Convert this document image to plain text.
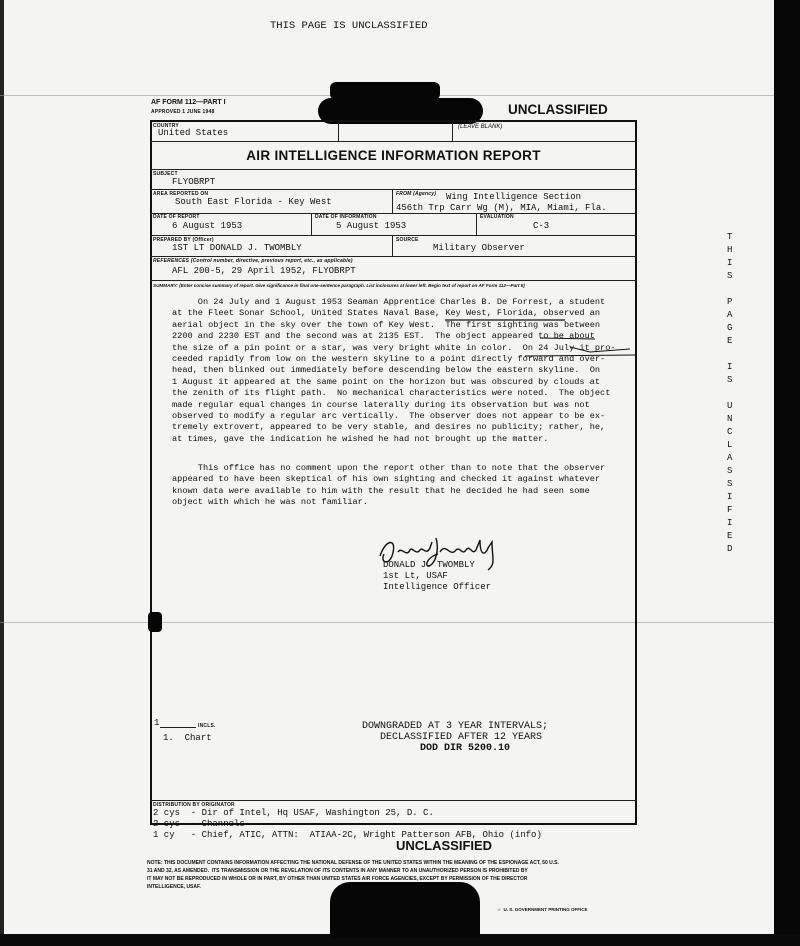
THIS PAGE IS UNCLASSIFIED
AF FORM 112—PART I
APPROVED 1 JUNE 1948	UNCLASSIFIED
COUNTRY
United States
(LEAVE BLANK)
AIR INTELLIGENCE INFORMATION REPORT
SUBJECT
FLYOBRPT
AREA REPORTED ON
South East Florida - Key West
FROM (Agency) Wing Intelligence Section
456th Trp Carr Wg (M), MIA, Miami, Fla.
DATE OF REPORT
6 August 1953
DATE OF INFORMATION
5 August 1953
EVALUATION
C-3
PREPARED BY (Officer)
1ST LT DONALD J. TWOMBLY
SOURCE
Military Observer
REFERENCES (Control number, directive, previous report, etc., as applicable)
AFL 200-5, 29 April 1952, FLYOBRPT
SUMMARY: (Enter concise summary of report. Give significance in final one-sentence paragraph. List inclosures at lower left. Begin text of report on AF Form 112—Part II)
On 24 July and 1 August 1953 Seaman Apprentice Charles B. De Forrest, a student
at the Fleet Sonar School, United States Naval Base, Key West, Florida, observed an
aerial object in the sky over the town of Key West.  The first sighting was between
2200 and 2230 EST and the second was at 2135 EST.  The object appeared to be about
the size of a pin point or a star, was very bright white in color.  On 24 July it pro-
ceeded rapidly from low on the western skyline to a point directly forward and over-
head, then blinked out immediately before descending below the eastern skyline.  On
1 August it appeared at the same point on the horizon but was obscured by clouds at
the zenith of its flight path.  No mechanical characteristics were noted.  The object
made regular equal changes in course laterally during its observation but was not
observed to modify a regular arc vertically.  The observer does not appear to be ex-
tremely extrovert, appeared to be very stable, and desires no publicity; rather, he,
at times, gave the indication he wished he had not brought up the matter.
This office has no comment upon the report other than to note that the observer
appeared to have been skeptical of his own sighting and checked it against whatever
known data were available to him with the result that he decided he had seen some
object with which he was not familiar.
Donald J. Twombly
DONALD J. TWOMBLY
1st Lt, USAF
Intelligence Officer
1	INCLS.
1.  Chart
DOWNGRADED AT 3 YEAR INTERVALS;
DECLASSIFIED AFTER 12 YEARS
DOD DIR 5200.10
DISTRIBUTION BY ORIGINATOR
2 cys  - Dir of Intel, Hq USAF, Washington 25, D. C.
2 cys  - Channels
1 cy   - Chief, ATIC, ATTN:  ATIAA-2C, Wright Patterson AFB, Ohio (info)
UNCLASSIFIED
NOTE: THIS DOCUMENT CONTAINS INFORMATION AFFECTING THE NATIONAL DEFENSE OF THE UNITED STATES WITHIN THE MEANING OF THE ESPIONAGE ACT, 50 U.S.
31 AND 32, AS AMENDED.  ITS TRANSMISSION OR THE REVELATION OF ITS CONTENTS IN ANY MANNER TO AN UNAUTHORIZED PERSON IS PROHIBITED BY
IT MAY NOT BE REPRODUCED IN WHOLE OR IN PART, BY OTHER THAN UNITED STATES AIR FORCE AGENCIES, EXCEPT BY PERMISSION OF THE DIRECTOR
INTELLIGENCE, USAF.
☆  U. S. GOVERNMENT PRINTING OFFICE
T
H
I
S
P
A
G
E
I
S
U
N
C
L
A
S
S
I
F
I
E
D
